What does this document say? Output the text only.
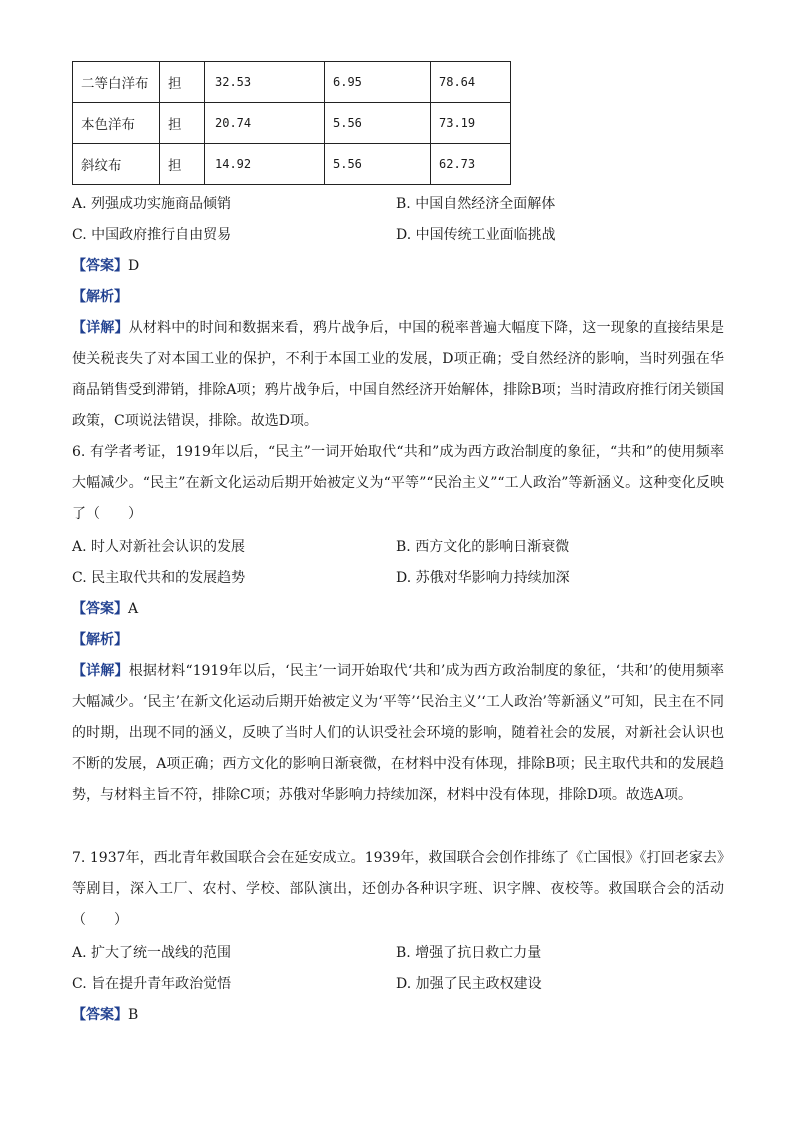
二等白洋布	担	32.53	6.95	78.64
本色洋布	担	20.74	5.56	73.19
斜纹布	担	14.92	5.56	62.73
A. 列强成功实施商品倾销	B. 中国自然经济全面解体
C. 中国政府推行自由贸易	D. 中国传统工业面临挑战
【答案】D
【解析】
【详解】从材料中的时间和数据来看，鸦片战争后，中国的税率普遍大幅度下降，这一现象的直接结果是使关税丧失了对本国工业的保护，不利于本国工业的发展，D项正确；受自然经济的影响，当时列强在华商品销售受到滞销，排除A项；鸦片战争后，中国自然经济开始解体，排除B项；当时清政府推行闭关锁国政策，C项说法错误，排除。故选D项。
6. 有学者考证，1919年以后，“民主”一词开始取代“共和”成为西方政治制度的象征，“共和”的使用频率大幅减少。“民主”在新文化运动后期开始被定义为“平等”“民治主义”“工人政治”等新涵义。这种变化反映了（　　）
A. 时人对新社会认识的发展	B. 西方文化的影响日渐衰微
C. 民主取代共和的发展趋势	D. 苏俄对华影响力持续加深
【答案】A
【解析】
【详解】根据材料“1919年以后，‘民主’一词开始取代‘共和’成为西方政治制度的象征，‘共和’的使用频率大幅减少。‘民主’在新文化运动后期开始被定义为‘平等’‘民治主义’‘工人政治’等新涵义”可知，民主在不同的时期，出现不同的涵义，反映了当时人们的认识受社会环境的影响，随着社会的发展，对新社会认识也不断的发展，A项正确；西方文化的影响日渐衰微，在材料中没有体现，排除B项；民主取代共和的发展趋势，与材料主旨不符，排除C项；苏俄对华影响力持续加深，材料中没有体现，排除D项。故选A项。
7. 1937年，西北青年救国联合会在延安成立。1939年，救国联合会创作排练了《亡国恨》《打回老家去》等剧目，深入工厂、农村、学校、部队演出，还创办各种识字班、识字牌、夜校等。救国联合会的活动（　　）
A. 扩大了统一战线的范围	B. 增强了抗日救亡力量
C. 旨在提升青年政治觉悟	D. 加强了民主政权建设
【答案】B
